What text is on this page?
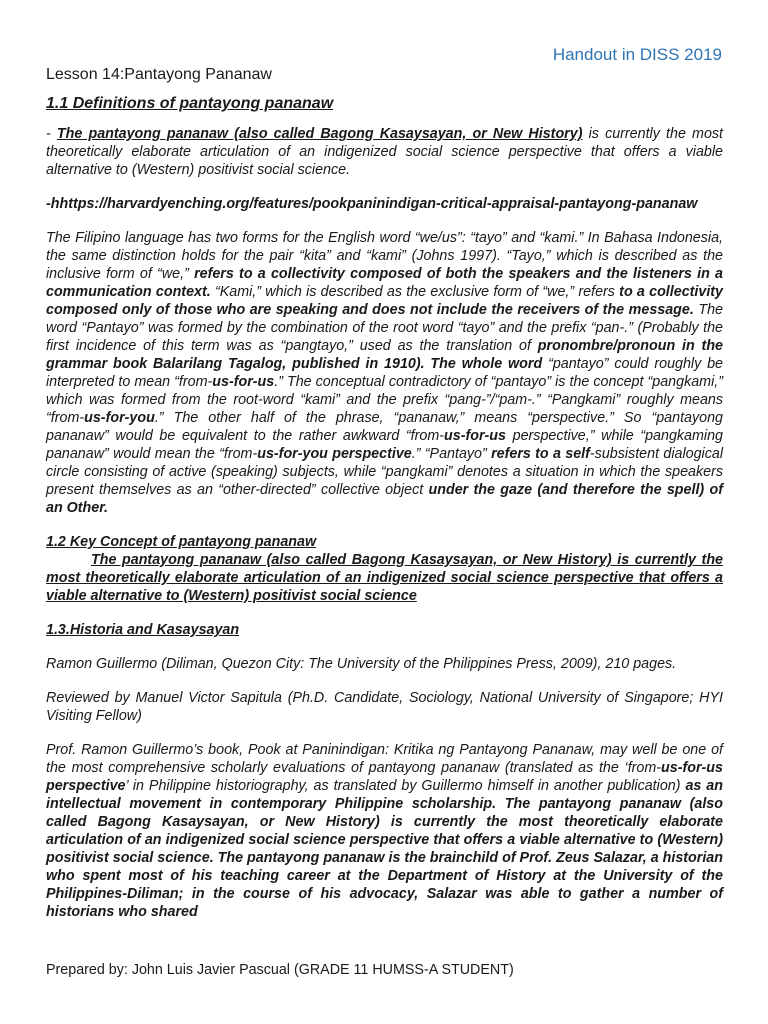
Handout in DISS 2019
Lesson 14:Pantayong Pananaw
1.1 Definitions of pantayong pananaw

- The pantayong pananaw (also called Bagong Kasaysayan, or New History) is currently the most theoretically elaborate articulation of an indigenized social science perspective that offers a viable alternative to (Western) positivist social science.

-hhttps://harvardyenching.org/features/pookpaninindigan-critical-appraisal-pantayong-pananaw

The Filipino language has two forms for the English word “we/us”: “tayo” and “kami.” In Bahasa Indonesia, the same distinction holds for the pair “kita” and “kami” (Johns 1997). “Tayo,” which is described as the inclusive form of “we,” refers to a collectivity composed of both the speakers and the listeners in a communication context. “Kami,” which is described as the exclusive form of “we,” refers to a collectivity composed only of those who are speaking and does not include the receivers of the message. The word “Pantayo” was formed by the combination of the root word “tayo” and the prefix “pan-.” (Probably the first incidence of this term was as “pangtayo,” used as the translation of pronombre/pronoun in the grammar book Balarilang Tagalog, published in 1910). The whole word “pantayo” could roughly be interpreted to mean “from-us-for-us.” The conceptual contradictory of “pantayo” is the concept “pangkami,” which was formed from the root-word “kami” and the prefix “pang-”/“pam-.” “Pangkami” roughly means “from-us-for-you.” The other half of the phrase, “pananaw,” means “perspective.” So “pantayong pananaw” would be equivalent to the rather awkward “from-us-for-us perspective,” while “pangkaming pananaw” would mean the “from-us-for-you perspective.” “Pantayo” refers to a self-subsistent dialogical circle consisting of active (speaking) subjects, while “pangkami” denotes a situation in which the speakers present themselves as an “other-directed” collective object under the gaze (and therefore the spell) of an Other.

1.2 Key Concept of pantayong pananaw

The pantayong pananaw (also called Bagong Kasaysayan, or New History) is currently the most theoretically elaborate articulation of an indigenized social science perspective that offers a viable alternative to (Western) positivist social science

1.3.Historia and Kasaysayan

Ramon Guillermo (Diliman, Quezon City: The University of the Philippines Press, 2009), 210 pages.

Reviewed by Manuel Victor Sapitula (Ph.D. Candidate, Sociology, National University of Singapore; HYI Visiting Fellow)

Prof. Ramon Guillermo’s book, Pook at Paninindigan: Kritika ng Pantayong Pananaw, may well be one of the most comprehensive scholarly evaluations of pantayong pananaw (translated as the ‘from-us-for-us perspective’ in Philippine historiography, as translated by Guillermo himself in another publication) as an intellectual movement in contemporary Philippine scholarship. The pantayong pananaw (also called Bagong Kasaysayan, or New History) is currently the most theoretically elaborate articulation of an indigenized social science perspective that offers a viable alternative to (Western) positivist social science. The pantayong pananaw is the brainchild of Prof. Zeus Salazar, a historian who spent most of his teaching career at the Department of History at the University of the Philippines-Diliman; in the course of his advocacy, Salazar was able to gather a number of historians who shared

Prepared by: John Luis Javier Pascual (GRADE 11 HUMSS-A STUDENT)
